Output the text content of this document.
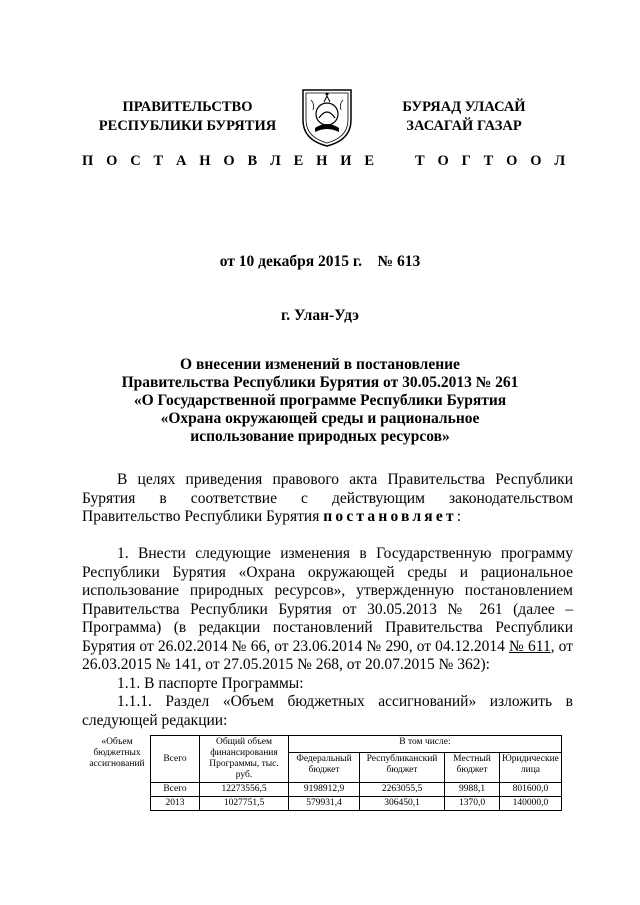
ПРАВИТЕЛЬСТВО
РЕСПУБЛИКИ БУРЯТИЯ
П О С Т А Н О В Л Е Н И Е
БУРЯАД УЛАСАЙ
ЗАСАГАЙ ГАЗАР
Т О Г Т О О Л
от 10 декабря 2015 г.    № 613
г. Улан-Удэ
О внесении изменений в постановление
Правительства Республики Бурятия от 30.05.2013 № 261
«О Государственной программе Республики Бурятия
«Охрана окружающей среды и рациональное
использование природных ресурсов»

В целях приведения правового акта Правительства Республики Бурятия в соответствие с действующим законодательством Правительство Республики Бурятия постановляет:

1. Внести следующие изменения в Государственную программу Республики Бурятия «Охрана окружающей среды и рациональное использование природных ресурсов», утвержденную постановлением Правительства Республики Бурятия от 30.05.2013 № 261 (далее – Программа) (в редакции постановлений Правительства Республики Бурятия от 26.02.2014 № 66, от 23.06.2014 № 290, от 04.12.2014 № 611, от 26.03.2015 № 141, от 27.05.2015 № 268, от 20.07.2015 № 362):

1.1. В паспорте Программы:

1.1.1. Раздел «Объем бюджетных ассигнований» изложить в следующей редакции:

«Объем бюджетных ассигнований	Всего	Общий объем финансирования Программы, тыс. руб.	В том числе:			
			Федеральный бюджет	Республиканский бюджет	Местный бюджет	Юридические лица
	Всего	12273556,5	9198912,9	2263055,5	9988,1	801600,0
	2013	1027751,5	579931,4	306450,1	1370,0	140000,0
